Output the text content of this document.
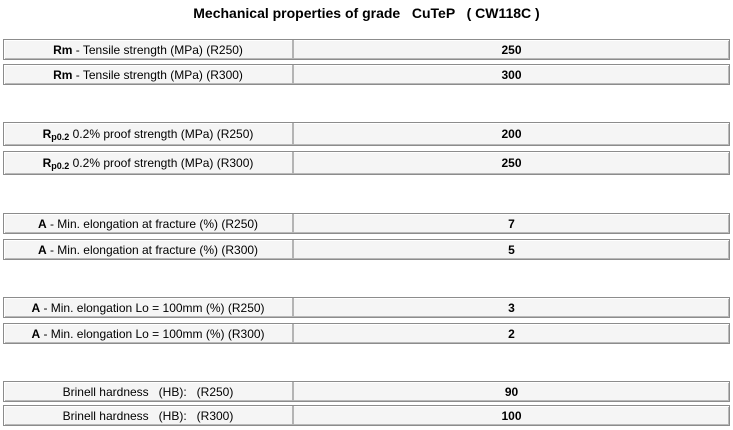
Mechanical properties of grade   CuTeP   ( CW118C )
Rm - Tensile strength (MPa) (R250)	250
Rm - Tensile strength (MPa) (R300)	300
R p0.2 0.2% proof strength (MPa) (R250)	200
R p0.2 0.2% proof strength (MPa) (R300)	250
A - Min. elongation at fracture (%) (R250)	7
A - Min. elongation at fracture (%) (R300)	5
A - Min. elongation Lo = 100mm (%) (R250)	3
A - Min. elongation Lo = 100mm (%) (R300)	2
Brinell hardness   (HB):   (R250)	90
Brinell hardness   (HB):   (R300)	100
